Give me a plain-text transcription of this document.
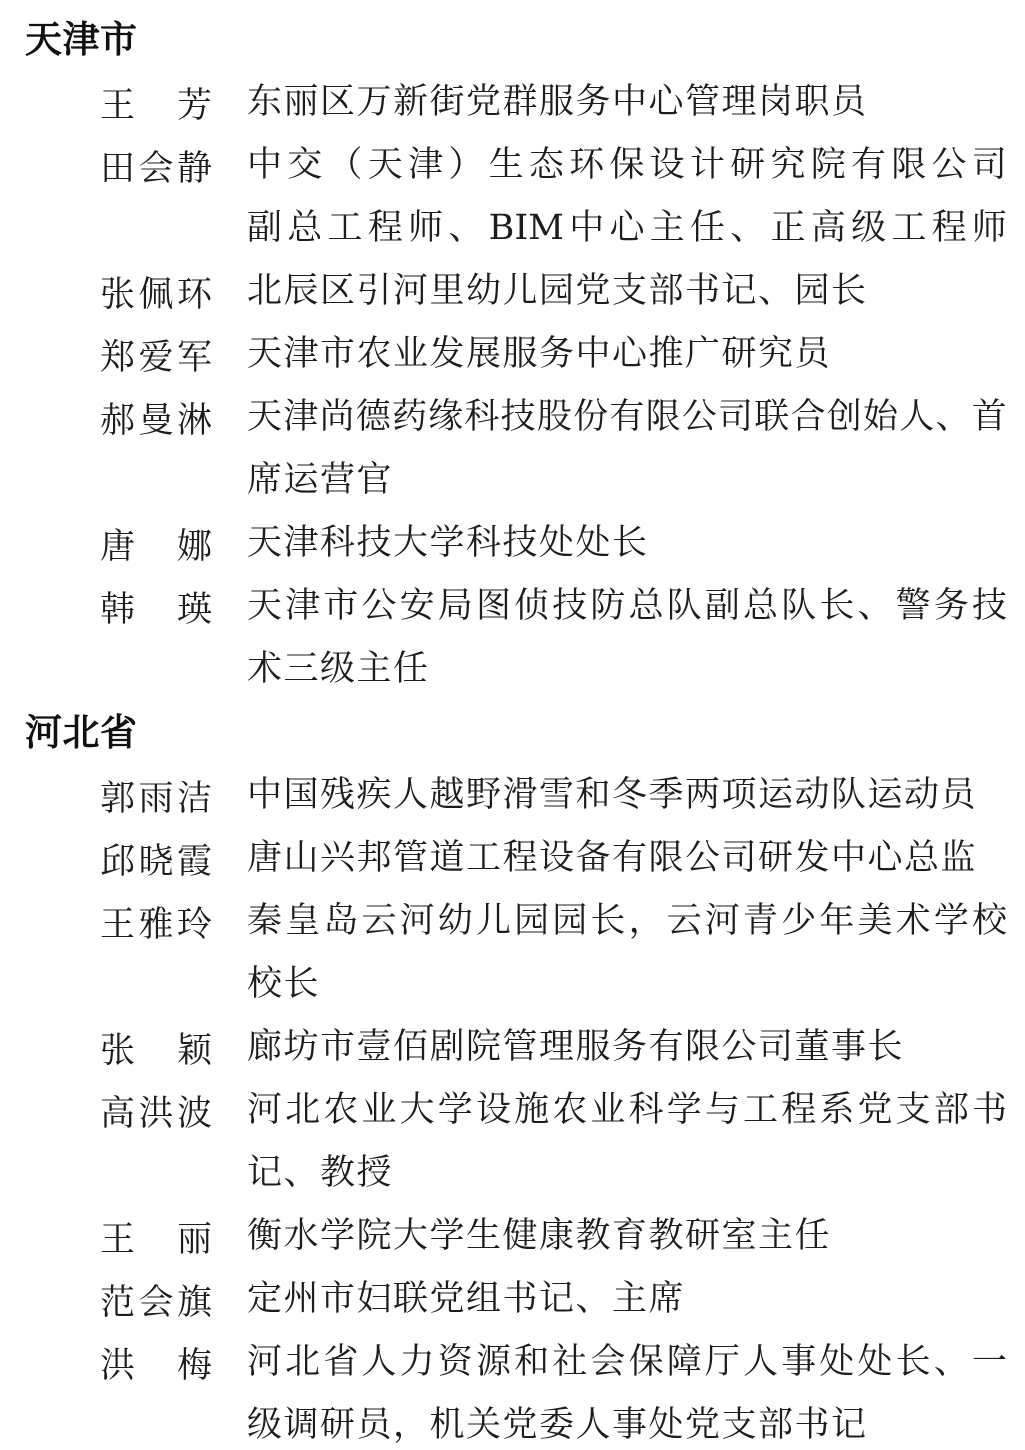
天津市
王 芳 东丽区万新街党群服务中心管理岗职员
田 会 静 中 交 （ 天 津 ） 生 态 环 保 设 计 研 究 院 有 限 公 司
副 总 工 程 师 、 BIM 中 心 主 任 、 正 高 级 工 程 师
张 佩 环 北辰区引河里幼儿园党支部书记、园长
郑 爱 军 天津市农业发展服务中心推广研究员
郝 曼 淋 天 津 尚 德 药 缘 科 技 股 份 有 限 公 司 联 合 创 始 人 、 首
席运营官
唐 娜 天津科技大学科技处处长
韩 瑛 天 津 市 公 安 局 图 侦 技 防 总 队 副 总 队 长 、 警 务 技
术三级主任
河北省
郭 雨 洁 中国残疾人越野滑雪和冬季两项运动队运动员
邱 晓 霞 唐山兴邦管道工程设备有限公司研发中心总监
王 雅 玲 秦 皇 岛 云 河 幼 儿 园 园 长 ， 云 河 青 少 年 美 术 学 校
校长
张 颖 廊坊市壹佰剧院管理服务有限公司董事长
高 洪 波 河 北 农 业 大 学 设 施 农 业 科 学 与 工 程 系 党 支 部 书
记、教授
王 丽 衡水学院大学生健康教育教研室主任
范 会 旗 定州市妇联党组书记、主席
洪 梅 河 北 省 人 力 资 源 和 社 会 保 障 厅 人 事 处 处 长 、 一
级调研员，机关党委人事处党支部书记
